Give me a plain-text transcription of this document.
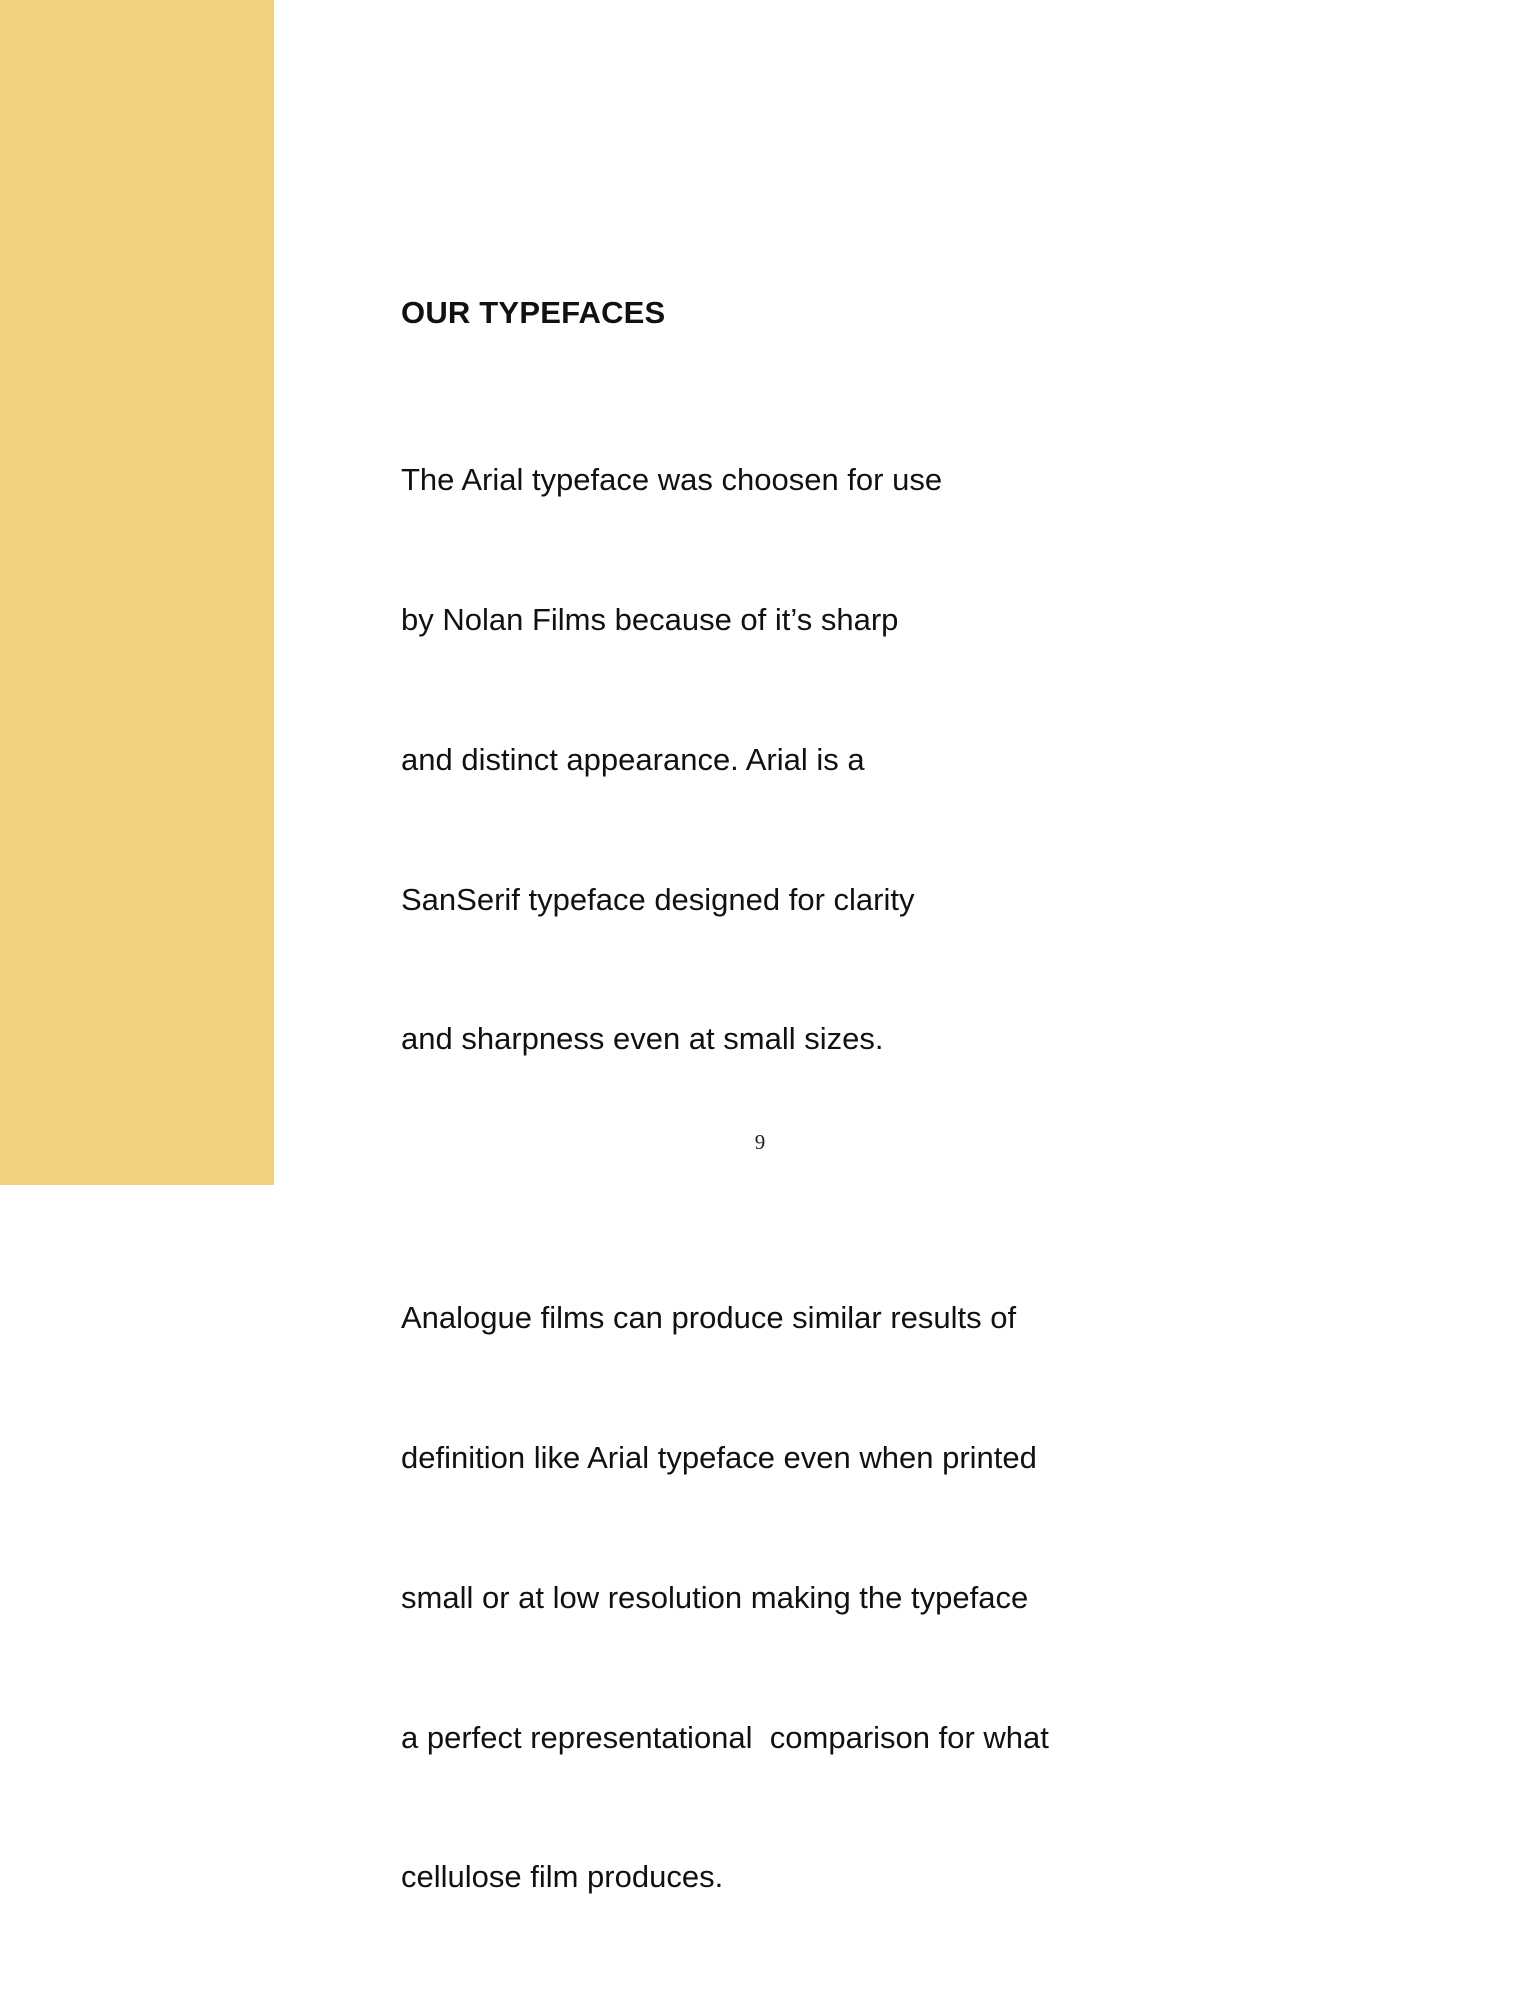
OUR TYPEFACES

The Arial typeface was choosen for use

by Nolan Films because of it’s sharp

and distinct appearance. Arial is a

SanSerif typeface designed for clarity

and sharpness even at small sizes.

Analogue films can produce similar results of

definition like Arial typeface even when printed

small or at low resolution making the typeface

a perfect representational  comparison for what

cellulose film produces.

9
